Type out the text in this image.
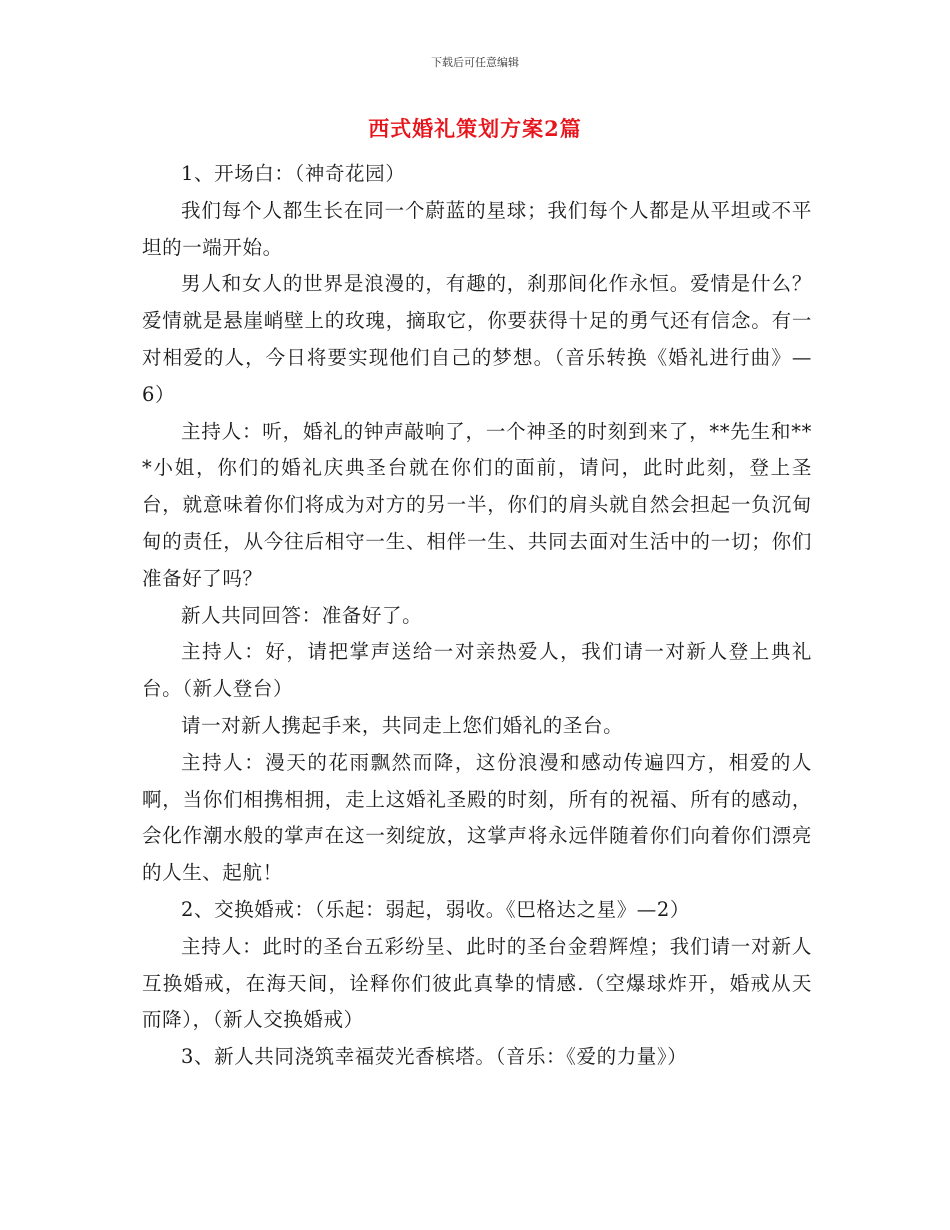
下载后可任意编辑
西式婚礼策划方案2篇

1、开场白：（神奇花园）

我们每个人都生长在同一个蔚蓝的星球；我们每个人都是从平坦或不平坦的一端开始。

男人和女人的世界是浪漫的，有趣的，刹那间化作永恒。爱情是什么？爱情就是悬崖峭壁上的玫瑰，摘取它，你要获得十足的勇气还有信念。有一对相爱的人，今日将要实现他们自己的梦想。（音乐转换《婚礼进行曲》—6）

主持人：听，婚礼的钟声敲响了，一个神圣的时刻到来了，**先生和***小姐，你们的婚礼庆典圣台就在你们的面前，请问，此时此刻，登上圣台，就意味着你们将成为对方的另一半，你们的肩头就自然会担起一负沉甸甸的责任，从今往后相守一生、相伴一生、共同去面对生活中的一切；你们准备好了吗？

新人共同回答：准备好了。

主持人：好，请把掌声送给一对亲热爱人，我们请一对新人登上典礼台。（新人登台）

请一对新人携起手来，共同走上您们婚礼的圣台。

主持人：漫天的花雨飘然而降，这份浪漫和感动传遍四方，相爱的人啊，当你们相携相拥，走上这婚礼圣殿的时刻，所有的祝福、所有的感动，会化作潮水般的掌声在这一刻绽放，这掌声将永远伴随着你们向着你们漂亮的人生、起航！

2、交换婚戒：（乐起：弱起，弱收。《巴格达之星》—2）

主持人：此时的圣台五彩纷呈、此时的圣台金碧辉煌；我们请一对新人互换婚戒，在海天间，诠释你们彼此真挚的情感.（空爆球炸开，婚戒从天而降），（新人交换婚戒）

3、新人共同浇筑幸福荧光香槟塔。（音乐：《爱的力量》）
